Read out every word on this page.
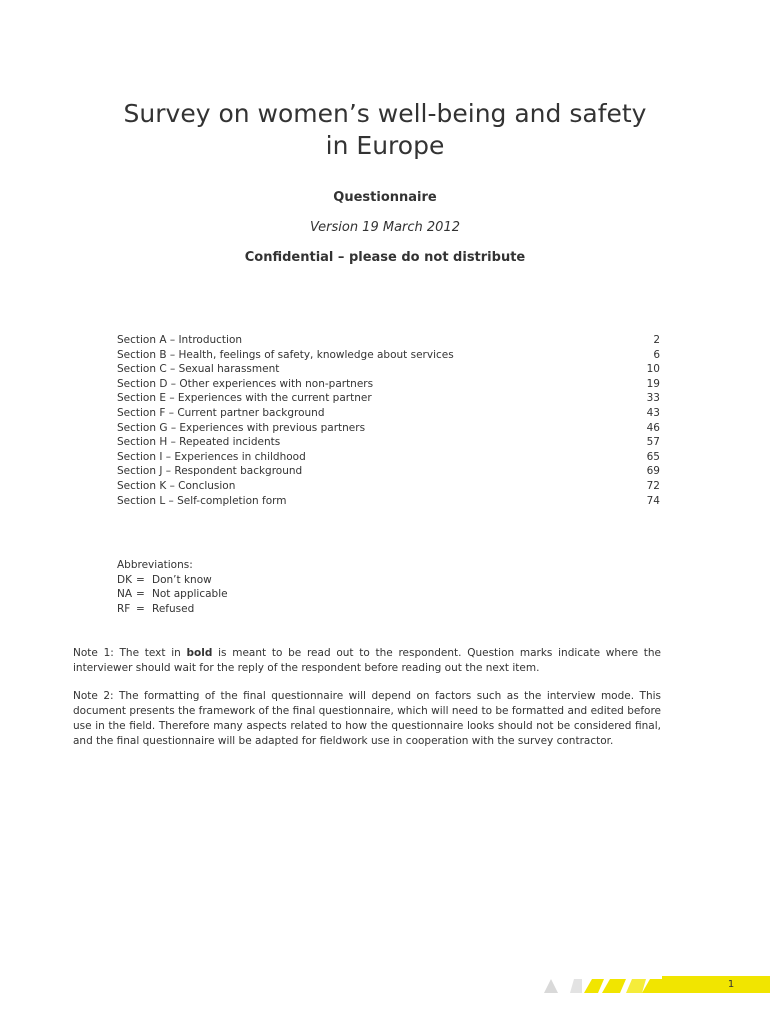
Survey on women’s well-being and safety
in Europe
Questionnaire
Version 19 March 2012
Confidential – please do not distribute
Section A – Introduction	2
Section B – Health, feelings of safety, knowledge about services	6
Section C – Sexual harassment	10
Section D – Other experiences with non-partners	19
Section E – Experiences with the current partner	33
Section F – Current partner background	43
Section G – Experiences with previous partners	46
Section H – Repeated incidents	57
Section I – Experiences in childhood	65
Section J – Respondent background	69
Section K – Conclusion	72
Section L – Self-completion form	74
Abbreviations:
DK = Don’t know
NA = Not applicable
RF = Refused

Note 1: The text in bold is meant to be read out to the respondent. Question marks indicate where the interviewer should wait for the reply of the respondent before reading out the next item.

Note 2: The formatting of the final questionnaire will depend on factors such as the interview mode. This document presents the framework of the final questionnaire, which will need to be formatted and edited before use in the field. Therefore many aspects related to how the questionnaire looks should not be considered final, and the final questionnaire will be adapted for fieldwork use in cooperation with the survey contractor.

1
